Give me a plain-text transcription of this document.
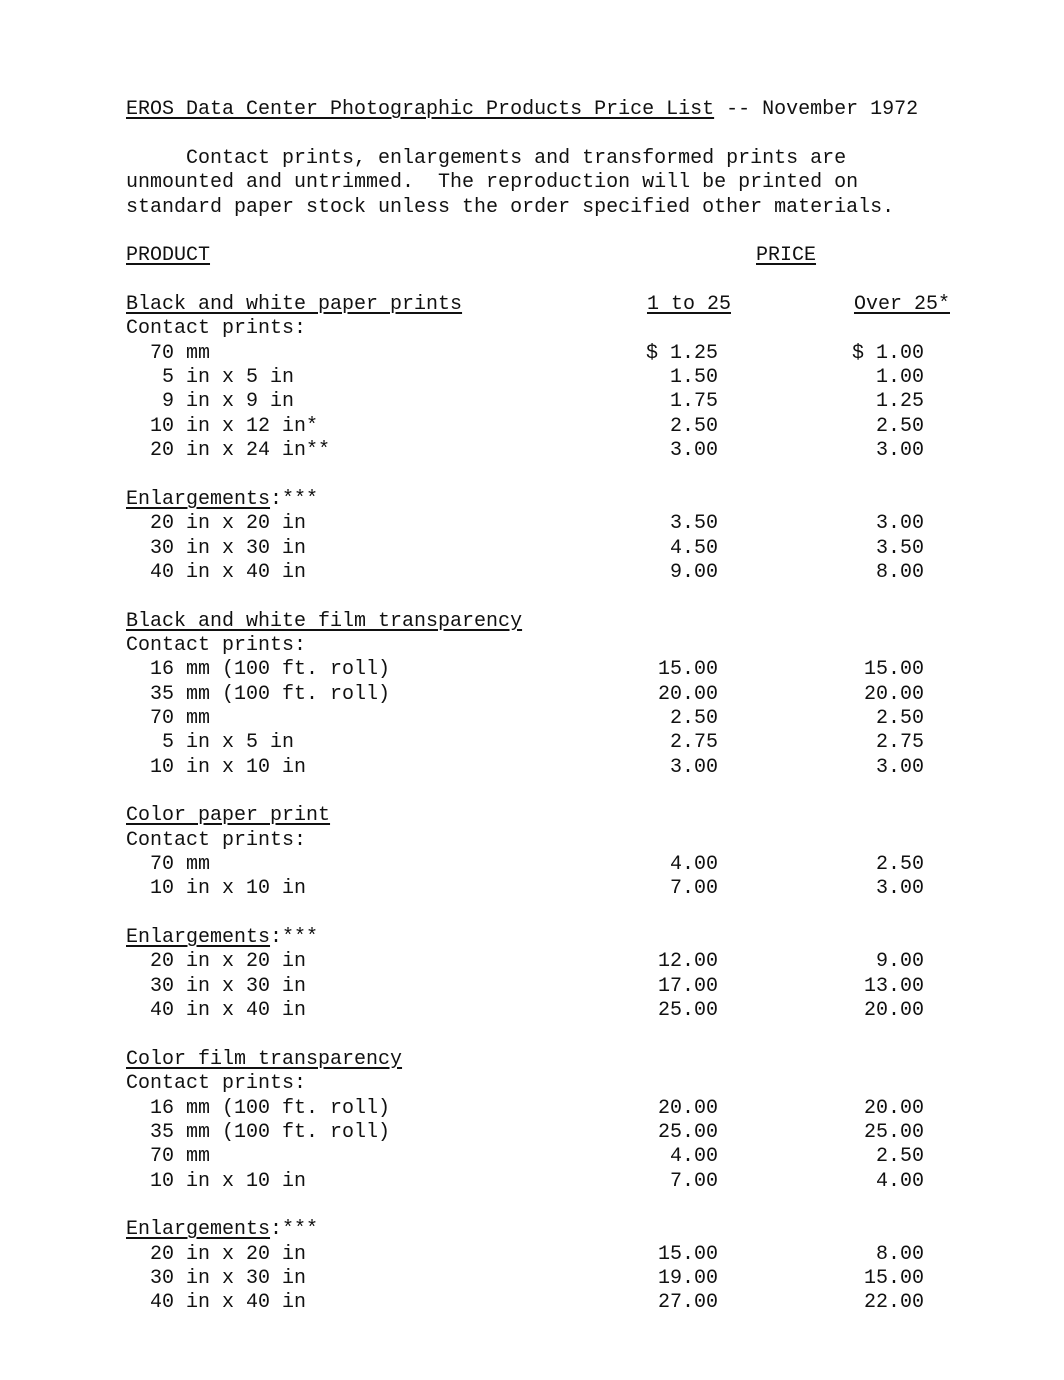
EROS Data Center Photographic Products Price List -- November 1972
Contact prints, enlargements and transformed prints are
unmounted and untrimmed.  The reproduction will be printed on
standard paper stock unless the order specified other materials.
PRODUCT	PRICE
Black and white paper prints	1 to 25	Over 25*
Contact prints:
70 mm	$ 1.25	$ 1.00
5 in x 5 in	1.50	1.00
9 in x 9 in	1.75	1.25
10 in x 12 in*	2.50	2.50
20 in x 24 in**	3.00	3.00
Enlargements:***
20 in x 20 in	3.50	3.00
30 in x 30 in	4.50	3.50
40 in x 40 in	9.00	8.00
Black and white film transparency
Contact prints:
16 mm (100 ft. roll)	15.00	15.00
35 mm (100 ft. roll)	20.00	20.00
70 mm	2.50	2.50
5 in x 5 in	2.75	2.75
10 in x 10 in	3.00	3.00
Color paper print
Contact prints:
70 mm	4.00	2.50
10 in x 10 in	7.00	3.00
Enlargements:***
20 in x 20 in	12.00	9.00
30 in x 30 in	17.00	13.00
40 in x 40 in	25.00	20.00
Color film transparency
Contact prints:
16 mm (100 ft. roll)	20.00	20.00
35 mm (100 ft. roll)	25.00	25.00
70 mm	4.00	2.50
10 in x 10 in	7.00	4.00
Enlargements:***
20 in x 20 in	15.00	8.00
30 in x 30 in	19.00	15.00
40 in x 40 in	27.00	22.00
